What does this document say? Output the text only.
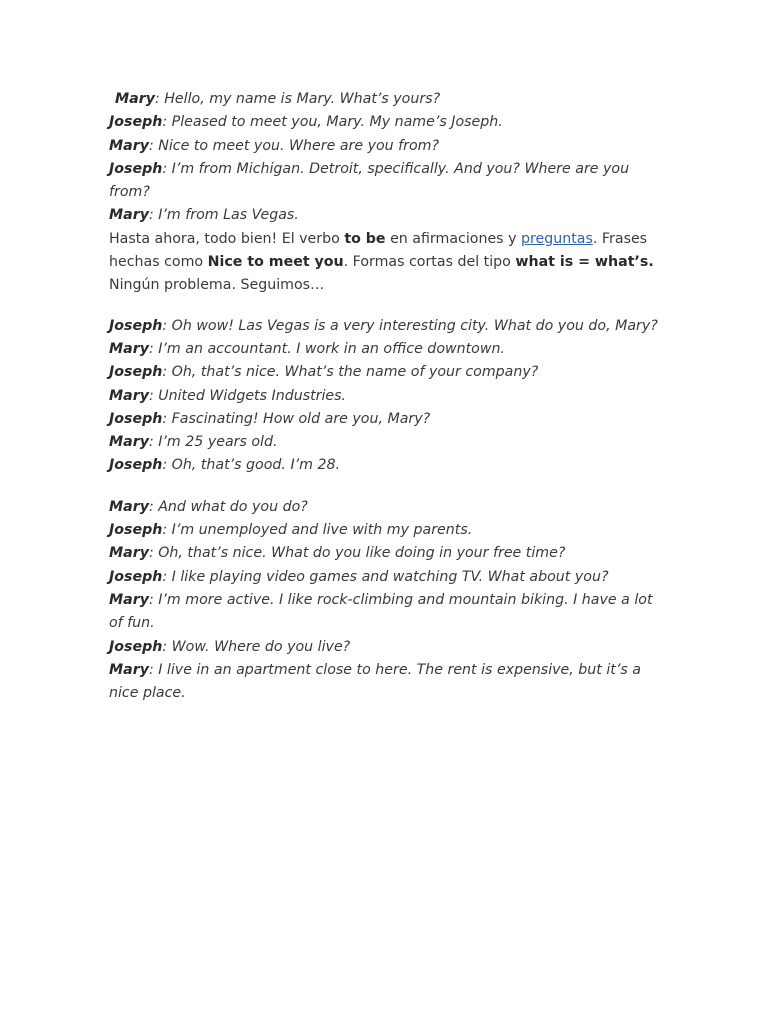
Mary: Hello, my name is Mary. What’s yours?

Joseph: Pleased to meet you, Mary. My name’s Joseph.

Mary: Nice to meet you. Where are you from?

Joseph: I’m from Michigan. Detroit, specifically. And you? Where are you from?

Mary: I’m from Las Vegas.

Hasta ahora, todo bien! El verbo to be en afirmaciones y preguntas. Frases hechas como Nice to meet you. Formas cortas del tipo what is = what’s. Ningún problema. Seguimos…

Joseph: Oh wow! Las Vegas is a very interesting city. What do you do, Mary?

Mary: I’m an accountant. I work in an office downtown.

Joseph: Oh, that’s nice. What’s the name of your company?

Mary: United Widgets Industries.

Joseph: Fascinating! How old are you, Mary?

Mary: I’m 25 years old.

Joseph: Oh, that’s good. I’m 28.

Mary: And what do you do?

Joseph: I’m unemployed and live with my parents.

Mary: Oh, that’s nice. What do you like doing in your free time?

Joseph: I like playing video games and watching TV. What about you?

Mary: I’m more active. I like rock-climbing and mountain biking. I have a lot of fun.

Joseph: Wow. Where do you live?

Mary: I live in an apartment close to here. The rent is expensive, but it’s a nice place.
